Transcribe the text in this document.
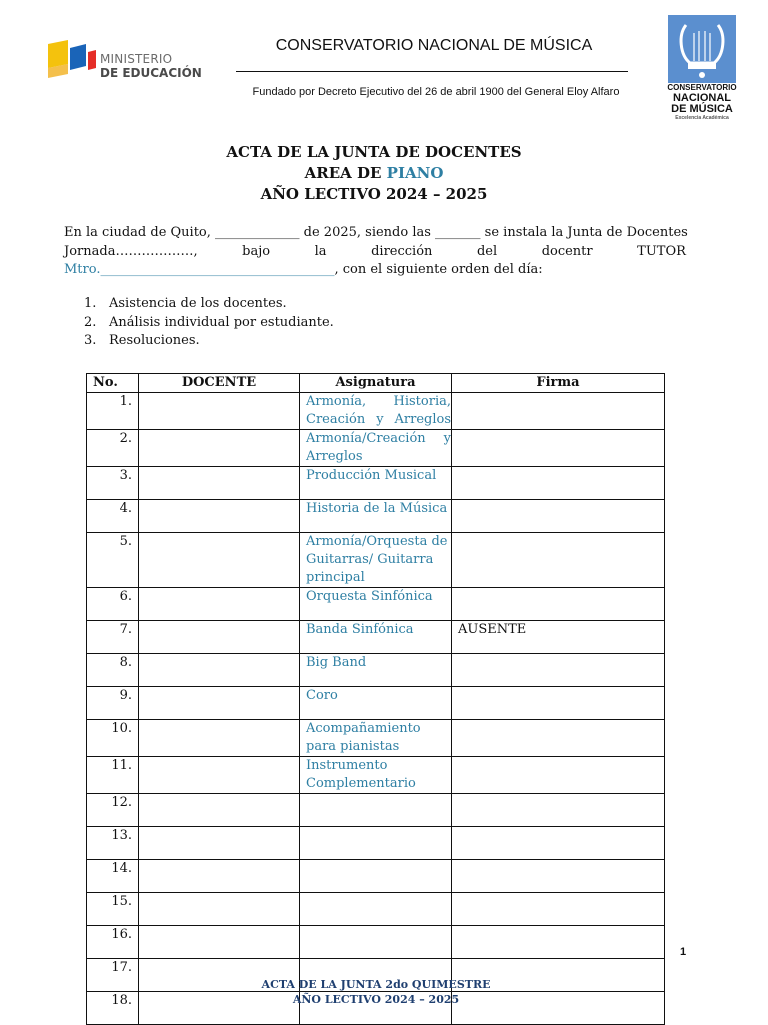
MINISTERIO
DE EDUCACIÓN
CONSERVATORIO NACIONAL DE MÚSICA
Fundado por Decreto Ejecutivo del 26 de abril 1900 del General Eloy Alfaro	CONSERVATORIO
NACIONAL
DE MÚSICA
Excelencia Académica
ACTA DE LA JUNTA DE DOCENTES
AREA DE PIANO
AÑO LECTIVO 2024 – 2025
En la ciudad de Quito, _____________ de 2025, siendo las _______ se instala la Junta de Docentes
Jornada………………,	bajo	la	dirección	del	docentr	TUTOR
Mtro.____________________________________, con el siguiente orden del día:
1. Asistencia de los docentes.
2. Análisis individual por estudiante.
3. Resoluciones.
No.	DOCENTE	Asignatura	Firma
1.		Armonía, Historia, Creación y Arreglos	
2.		Armonía/Creación y Arreglos	
3.		Producción Musical	
4.		Historia de la Música	
5.		Armonía/Orquesta de Guitarras/ Guitarra principal	
6.		Orquesta Sinfónica	
7.		Banda Sinfónica	AUSENTE
8.		Big Band	
9.		Coro	
10.		Acompañamiento para pianistas	
11.		Instrumento Complementario	
12.			
13.			
14.			
15.			
16.			
17.			
18.			
1
ACTA DE LA JUNTA 2do QUIMESTRE
AÑO LECTIVO 2024 – 2025
